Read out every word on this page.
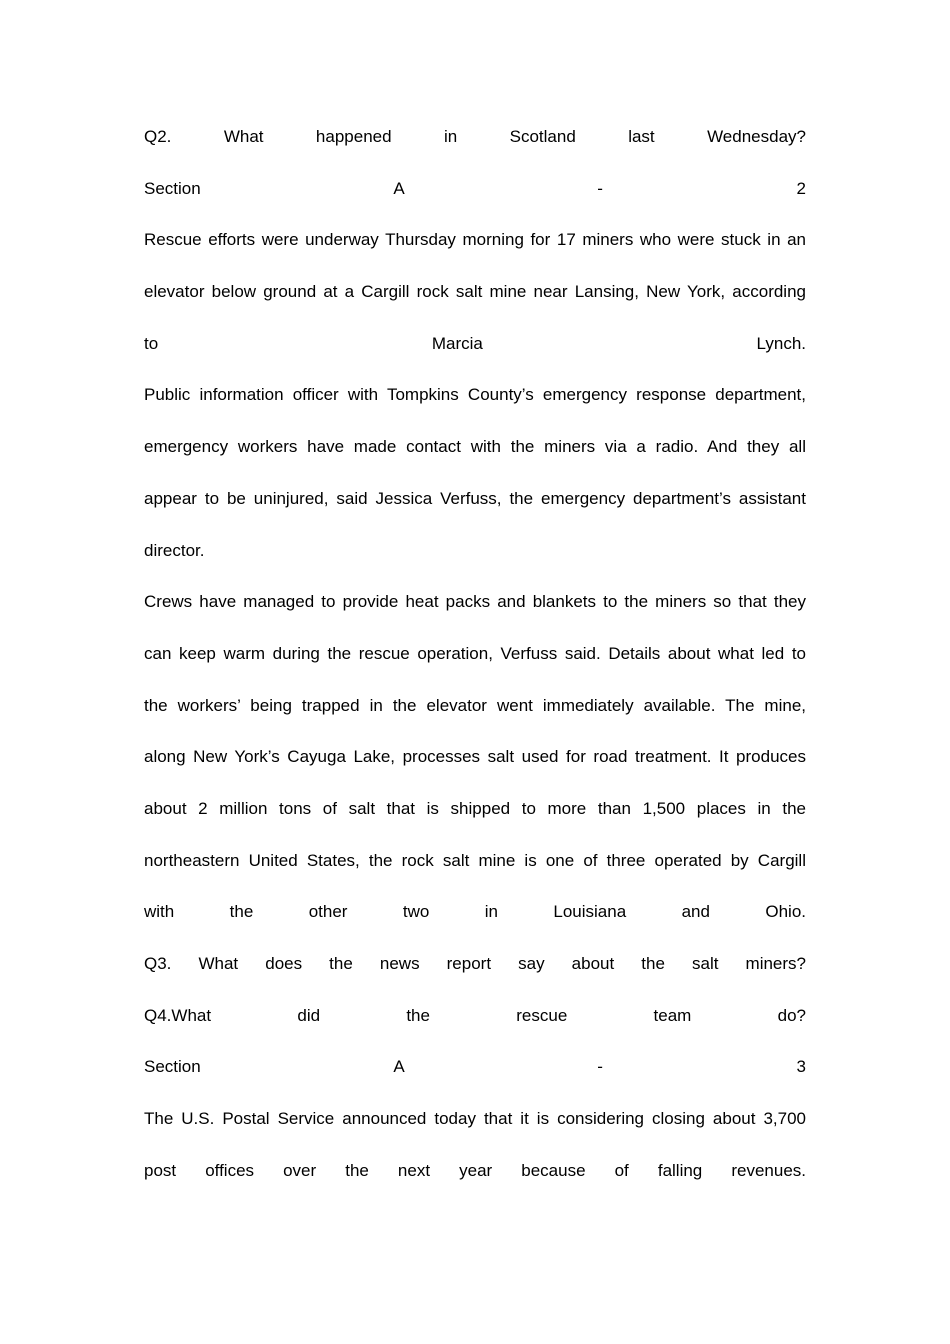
Q2. What happened in Scotland last Wednesday?
Section A - 2
Rescue efforts were underway Thursday morning for 17 miners who were stuck in an
elevator below ground at a Cargill rock salt mine near Lansing, New York, according
to Marcia Lynch.
Public information officer with Tompkins County’s emergency response department,
emergency workers have made contact with the miners via a radio. And they all
appear to be uninjured, said Jessica Verfuss, the emergency department’s assistant
director.
Crews have managed to provide heat packs and blankets to the miners so that they
can keep warm during the rescue operation, Verfuss said. Details about what led to
the workers’ being trapped in the elevator went immediately available. The mine,
along New York’s Cayuga Lake, processes salt used for road treatment. It produces
about 2 million tons of salt that is shipped to more than 1,500 places in the
northeastern United States, the rock salt mine is one of three operated by Cargill
with the other two in Louisiana and Ohio.
Q3. What does the news report say about the salt miners?
Q4.What did the rescue team do?
Section A - 3
The U.S. Postal Service announced today that it is considering closing about 3,700
post offices over the next year because of falling revenues.
